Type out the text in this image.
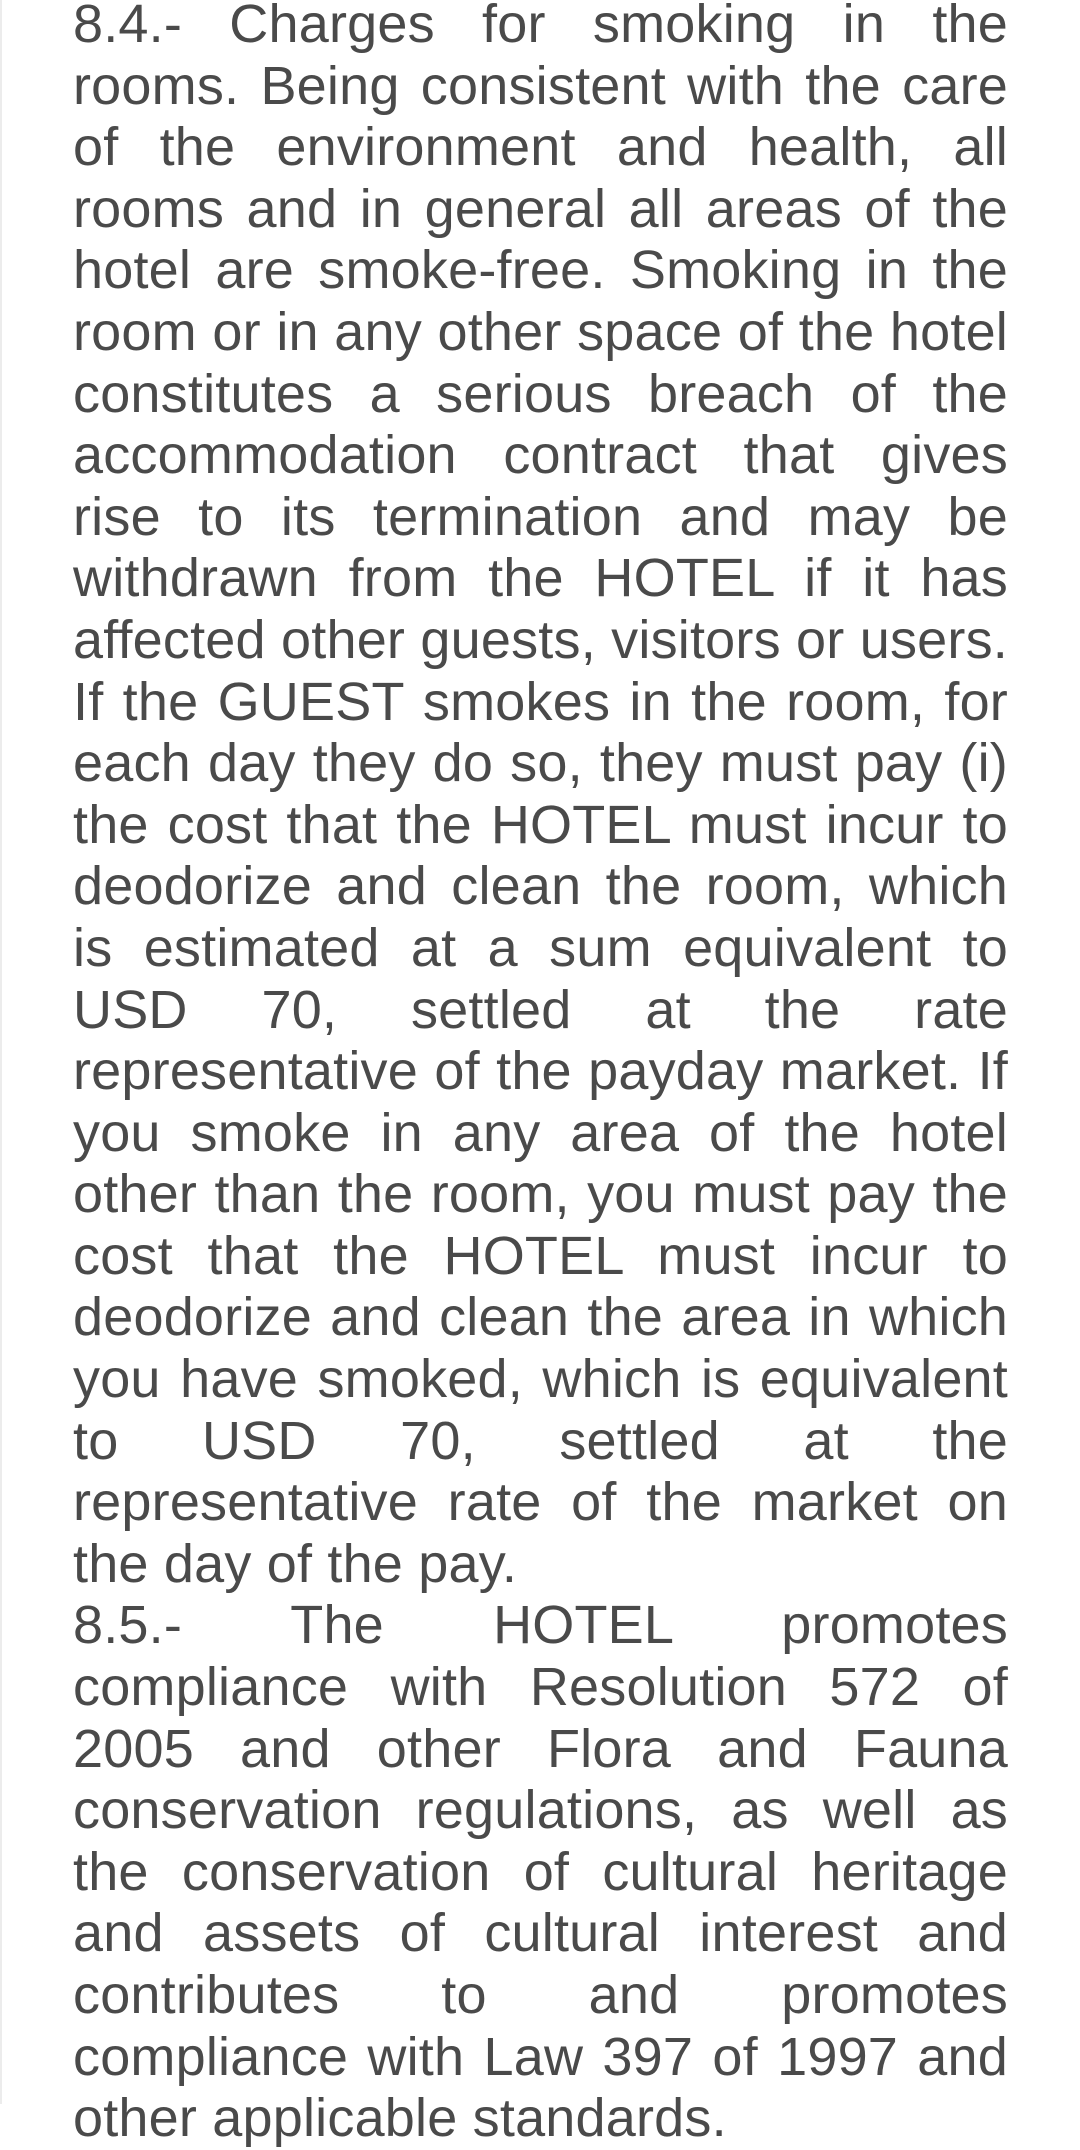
8.4.- Charges for smoking in the rooms. Being consistent with the care of the environment and health, all rooms and in general all areas of the hotel are smoke-free. Smoking in the room or in any other space of the hotel constitutes a serious breach of the accommodation contract that gives rise to its termination and may be withdrawn from the HOTEL if it has affected other guests, visitors or users. If the GUEST smokes in the room, for each day they do so, they must pay (i) the cost that the HOTEL must incur to deodorize and clean the room, which is estimated at a sum equivalent to USD 70, settled at the rate representative of the payday market. If you smoke in any area of the hotel other than the room, you must pay the cost that the HOTEL must incur to deodorize and clean the area in which you have smoked, which is equivalent to USD 70, settled at the representative rate of the market on the day of the pay.

8.5.- The HOTEL promotes compliance with Resolution 572 of 2005 and other Flora and Fauna conservation regulations, as well as the conservation of cultural heritage and assets of cultural interest and contributes to and promotes compliance with Law 397 of 1997 and other applicable standards.
